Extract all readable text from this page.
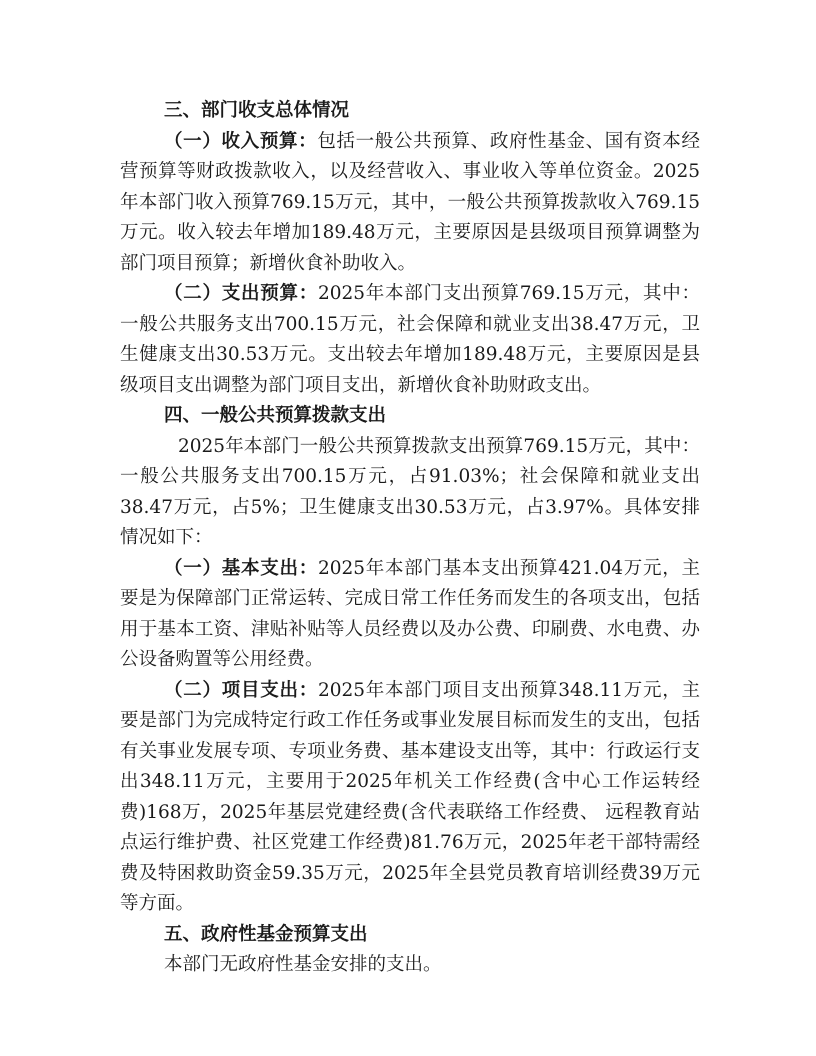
三、部门收支总体情况

（一）收入预算：包括一般公共预算、政府性基金、国有资本经营预算等财政拨款收入，以及经营收入、事业收入等单位资金。2025年本部门收入预算769.15万元，其中，一般公共预算拨款收入769.15万元。收入较去年增加189.48万元，主要原因是县级项目预算调整为部门项目预算；新增伙食补助收入。

（二）支出预算：2025年本部门支出预算769.15万元，其中：一般公共服务支出700.15万元，社会保障和就业支出38.47万元，卫生健康支出30.53万元。支出较去年增加189.48万元，主要原因是县级项目支出调整为部门项目支出，新增伙食补助财政支出。

四、一般公共预算拨款支出

2025年本部门一般公共预算拨款支出预算769.15万元，其中：一般公共服务支出700.15万元，占91.03%；社会保障和就业支出38.47万元，占5%；卫生健康支出30.53万元，占3.97%。具体安排情况如下：

（一）基本支出：2025年本部门基本支出预算421.04万元，主要是为保障部门正常运转、完成日常工作任务而发生的各项支出，包括用于基本工资、津贴补贴等人员经费以及办公费、印刷费、水电费、办公设备购置等公用经费。

（二）项目支出：2025年本部门项目支出预算348.11万元，主要是部门为完成特定行政工作任务或事业发展目标而发生的支出，包括有关事业发展专项、专项业务费、基本建设支出等，其中：行政运行支出348.11万元，主要用于2025年机关工作经费(含中心工作运转经费)168万，2025年基层党建经费(含代表联络工作经费、 远程教育站点运行维护费、社区党建工作经费)81.76万元，2025年老干部特需经费及特困救助资金59.35万元，2025年全县党员教育培训经费39万元等方面。

五、政府性基金预算支出

本部门无政府性基金安排的支出。
